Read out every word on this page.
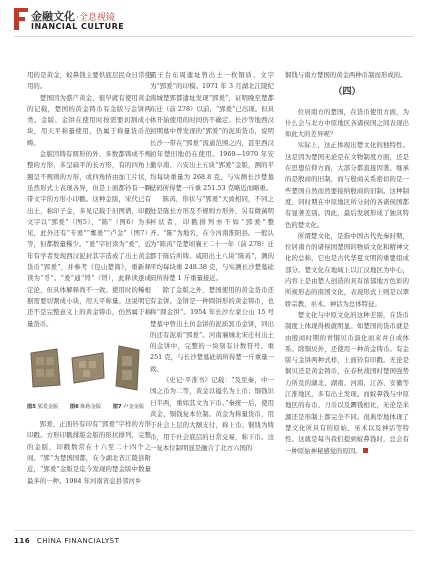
金融文化·全息视镜
INANCIAL CULTURE

用的是黄金，蚁鼻钱主要供底层民众日常使用的。

楚国因为盛产黄金，很早就有使用黄金的记载，楚国的黄金铸币有金版与金饼两类。金版、金饼在使用时按需要切割成小块，用天平称量使用，仍属于称量货币范畴。

金版因铸有圆形的外、多数都铸成不规整的方形，多呈扁平的长方形，有的四角上翘呈不规则的方形，或四角挤由加工片状，虽然形式上表现各异，但是上面都钤有一颗带文字的方形小印戳。这种金版，宋代已有出土，称印子金，多见记载于旧图谱，印戳文字以“郢爰”（图5）、“陈”（图6）为多见，此外还有“专爰”“鄟爰”“卢金”（图7）等，但都数量稀少。“爰”字旧读为“爰”，近年有学者发现西汉泥封其字造成了出土黄金货币“郢爰”，并参考《包山楚简》，重新释读为“寽”。“爰”通“锊”（锊），此释读逐成定论，但具体解释尚不一致。使用时的稀根据需要切割成小块，用天平称量。这说明它还不是完整意义上的黄金铸币，仍然属于称量货币。

图5 郢爰金版 图6 陈称金版 图7 卢金金版

郢爰，正面钤有印有“郢爰”字样的方形印戳。方形印戳排版金版的形状排列，完整的金版，印戳数常在十六至二十四个之间。“郢”为楚国国都，在今湖北省江陵县附近，“郢爰”金版是迄今发现的楚金版中数量最多的一种。1984 年河南省息县邻河乡

霸王台东周遗址曾出土一枚铜质、文字为“郢爰”的印模。1971 年 3 月湖北江陵纪南城楚郢都遗址发现“郢爰”，证明晚至楚都东迁（前 278）以前，“郢爰”已出现。但具体开始使用的时间仍不确定。长沙等地西汉初期墓中曾发现的“郢爰”的泥质货币，说明长沙一带在“郢爰”流通范围之内，甚至西汉初年楚旧地仍在使用。1969—1970 年安徽阜南、六安出土五块“郢爰”金版，测的平均每块重量为 268.8 克，与实测长沙楚墓砝码所得楚一斤重 251.53 克略近而略重。

陈爯，形状与“郢爰”大致相同，不同之处是陈长方形及不规则方形外，另有微菌明杯状者，印戳排列亦不如“郢爰”整齐。“陈”为地名，在今河南淮阳县。一般认为“陈爯”是楚顷襄王二十一年（前 278）迁都于陈后所铸。咸阳出土八块“陈爯”，测的平均每块重 248.38 克，与实测长沙楚墓砝码所得楚 1 斤重量接近。

除了金版之外，楚国使用的黄金货币还有金饼。金饼是一种圆饼形的黄金铸币，也称“圆金饼”。1954 年长沙左家公山 15 号楚墓中曾出土仿金饼的泥质冥币金饼，同出的还有泥质“郢爰”。河南襄城北宋庄村出土的金饼中，完整的一块刻有计数符号，重 251 克，与长沙楚墓砝码所得楚一斤重量一致。

《史记·平准书》记载：“及至秦，中一国之币为二等，黄金以镒名为上币；铜钱识曰半两，重如其文为下币。”秦统一后，使用黄金、铜钱复本位制。黄金为称量货币，用于社会上层的大额支付，称上币；铜钱为铸币，用于社会底层的日常交易，称下币。这一复本位制明显是融合了北方六国的

铜钱与南方楚国的黄金两种币制而形成的。

（四）

位居南方的楚国，在货币使用方面，为什么会与北方中原地区各诸侯国之间表现出如此大的差异呢？

实际上，这正体现出楚文化的独特性。这是因为楚国无论是在文物制度方面，还是在思想信仰方面，大部分都直接因袭、继承的是殷商的旧制，而与殷商关系密切的是一些楚国自然而然要接纳殷商的旧制。这种制度、同时期在中原地区所分封的各诸侯国都有显著差别。因此，最后发展形成了独具特色的楚文化。

所谓楚文化，是指中国古代先秦时期，位居南方的诸侯国楚国的物质文化和精神文化的总称，它也是古代华夏文明的重要组成部分。楚文化在地域上以江汉地区为中心，内容上是由楚人创造的具有浓郁地方色彩的所视形态的南国文化，表现形式上则是以翠娇宗教、巫术、神话为总体特征。

楚文化与中原文化的这种差别，在货币制度上体现得极就明显。如楚国的货币就是由殷商时期的青铜贝币演化而来并自成体系。除铜贝外，还使用一种黄金铸币。有金版与金饼两种式样，上面钤有印戳。无论是铜贝还是黄金铸币，在春秋战国时楚国强势力所及的湖北、湖南、河南、江苏、安徽等江淮地区，多有出土发现。而蚁鼻钱与中原地区的布币、刀币以及圜钱相比，无论是来源还是形制上都完全不同。很典型地体现了楚文化所具有的原始、巫术以及神话等特性。这就是每当我们提到蚁鼻钱时，总会有一种原始神秘感觉的原因。

116 CHINA FINANCIALYST
